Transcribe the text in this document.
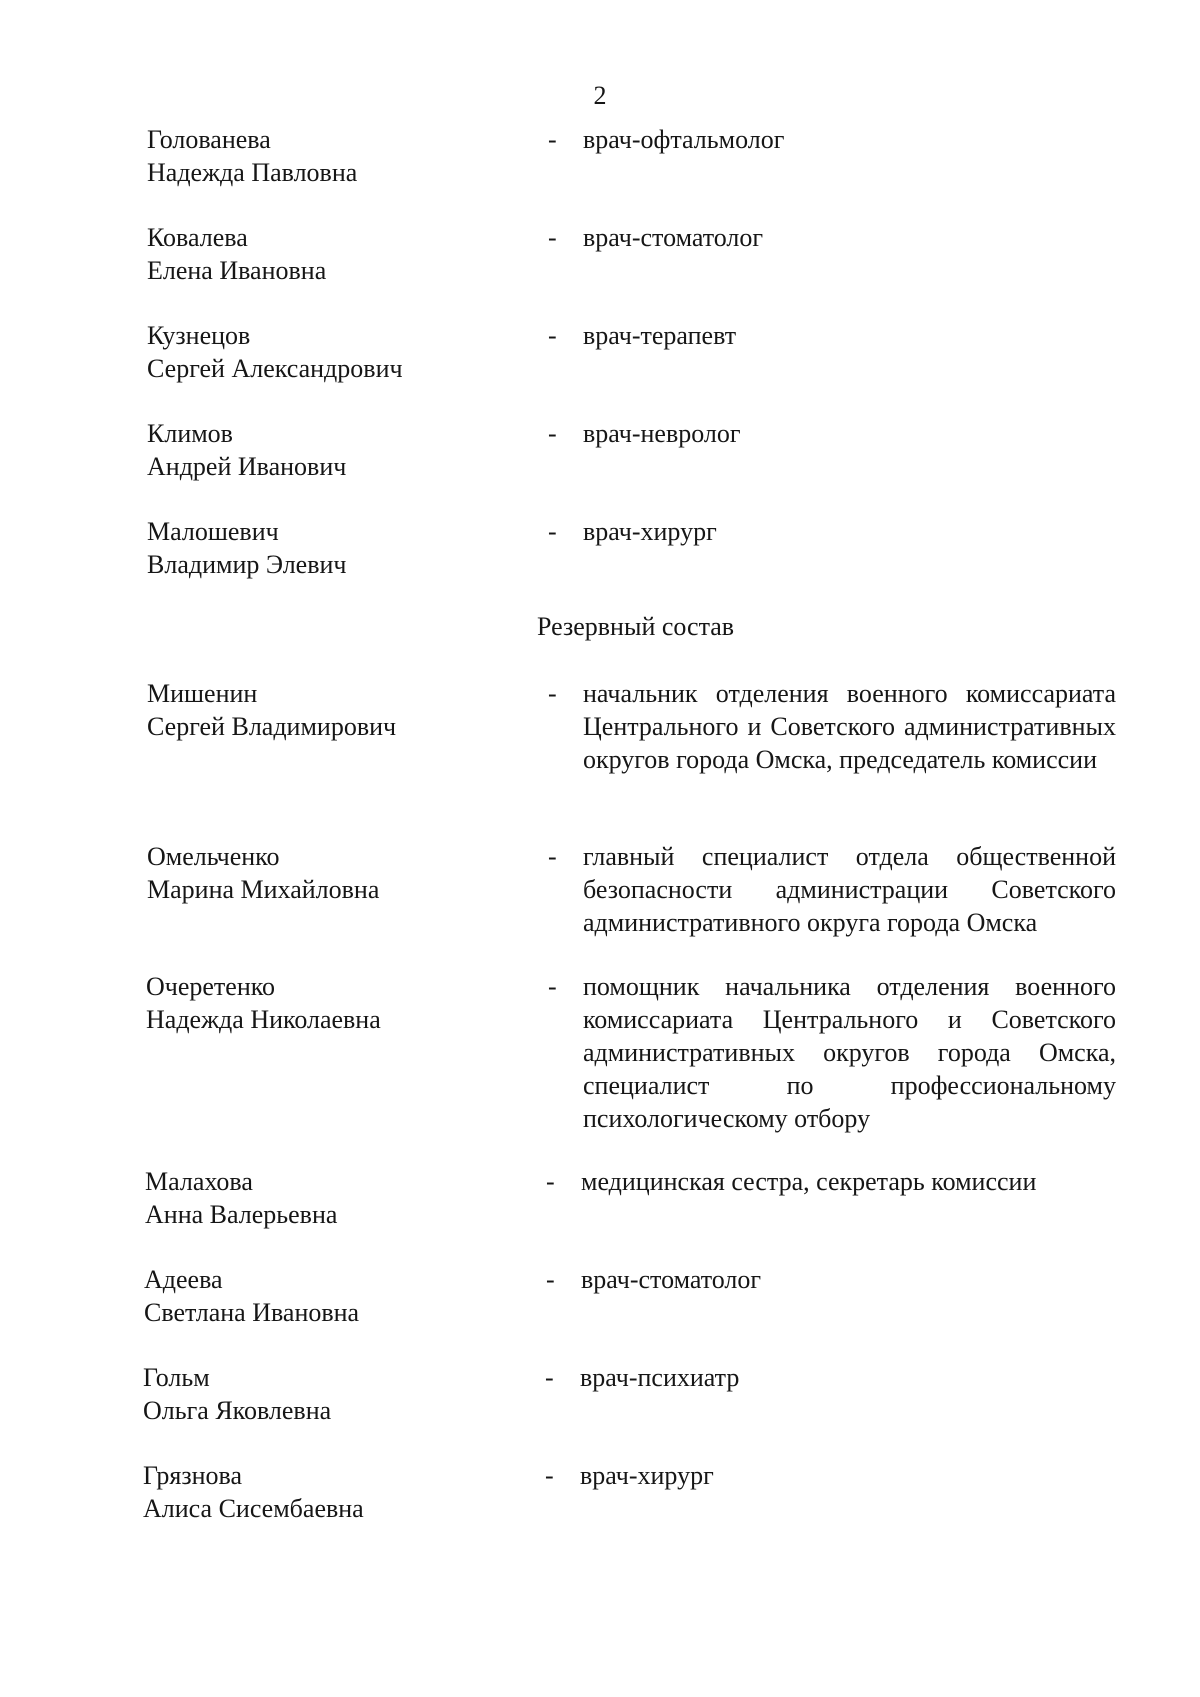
2
Голованева
Надежда Павловна
- врач-офтальмолог
Ковалева
Елена Ивановна
- врач-стоматолог
Кузнецов
Сергей Александрович
- врач-терапевт
Климов
Андрей Иванович
- врач-невролог
Малошевич
Владимир Элевич
- врач-хирург
Резервный состав
Мишенин
Сергей Владимирович
- начальник отделения военного комиссариата Центрального и Советского административных округов города Омска, председатель комиссии
Омельченко
Марина Михайловна
- главный специалист отдела общественной безопасности администрации Советского административного округа города Омска
Очеретенко
Надежда Николаевна
- помощник начальника отделения военного комиссариата Центрального и Советского административных округов города Омска, специалист по профессиональному психологическому отбору
Малахова
Анна Валерьевна
- медицинская сестра, секретарь комиссии
Адеева
Светлана Ивановна
- врач-стоматолог
Гольм
Ольга Яковлевна
- врач-психиатр
Грязнова
Алиса Сисембаевна
- врач-хирург
